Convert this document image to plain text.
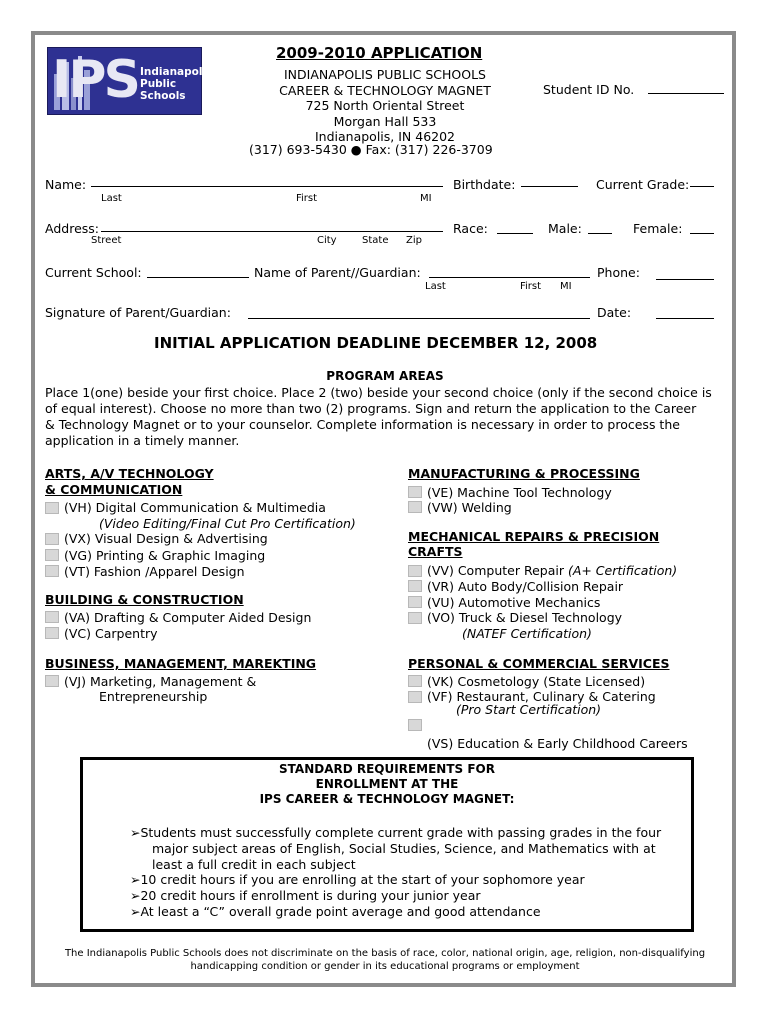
IPS Indianapolis
Public
Schools
2009-2010 APPLICATION
INDIANAPOLIS PUBLIC SCHOOLS
CAREER & TECHNOLOGY MAGNET
725 North Oriental Street
Morgan Hall 533
Indianapolis, IN 46202
(317) 693-5430 ● Fax: (317) 226-3709
Student ID No.
Name:
Last	First	MI
Birthdate:	Current Grade:
Address:
Street	City	State Zip
Race:	Male:	Female:
Current School:	Name of Parent//Guardian:
Last	First MI
Phone:
Signature of Parent/Guardian:	Date:
INITIAL APPLICATION DEADLINE DECEMBER 12, 2008
PROGRAM AREAS
Place 1(one) beside your first choice. Place 2 (two) beside your second choice (only if the second choice is
of equal interest). Choose no more than two (2) programs. Sign and return the application to the Career
& Technology Magnet or to your counselor. Complete information is necessary in order to process the
application in a timely manner.
ARTS, A/V TECHNOLOGY
& COMMUNICATION
(VH) Digital Communication & Multimedia
(Video Editing/Final Cut Pro Certification)
(VX) Visual Design & Advertising
(VG) Printing & Graphic Imaging
(VT) Fashion /Apparel Design
BUILDING & CONSTRUCTION
(VA) Drafting & Computer Aided Design
(VC) Carpentry
BUSINESS, MANAGEMENT, MAREKTING
(VJ) Marketing, Management &
Entrepreneurship
MANUFACTURING & PROCESSING
(VE) Machine Tool Technology
(VW) Welding
MECHANICAL REPAIRS & PRECISION
CRAFTS
(VV) Computer Repair (A+ Certification)
(VR) Auto Body/Collision Repair
(VU) Automotive Mechanics
(VO) Truck & Diesel Technology
(NATEF Certification)
PERSONAL & COMMERCIAL SERVICES
(VK) Cosmetology (State Licensed)
(VF) Restaurant, Culinary & Catering
(Pro Start Certification)
(VS) Education & Early Childhood Careers
STANDARD REQUIREMENTS FOR
ENROLLMENT AT THE
IPS CAREER & TECHNOLOGY MAGNET:
➢Students must successfully complete current grade with passing grades in the four
major subject areas of English, Social Studies, Science, and Mathematics with at
least a full credit in each subject
➢10 credit hours if you are enrolling at the start of your sophomore year
➢20 credit hours if enrollment is during your junior year
➢At least a “C” overall grade point average and good attendance
The Indianapolis Public Schools does not discriminate on the basis of race, color, national origin, age, religion, non-disqualifying
handicapping condition or gender in its educational programs or employment
